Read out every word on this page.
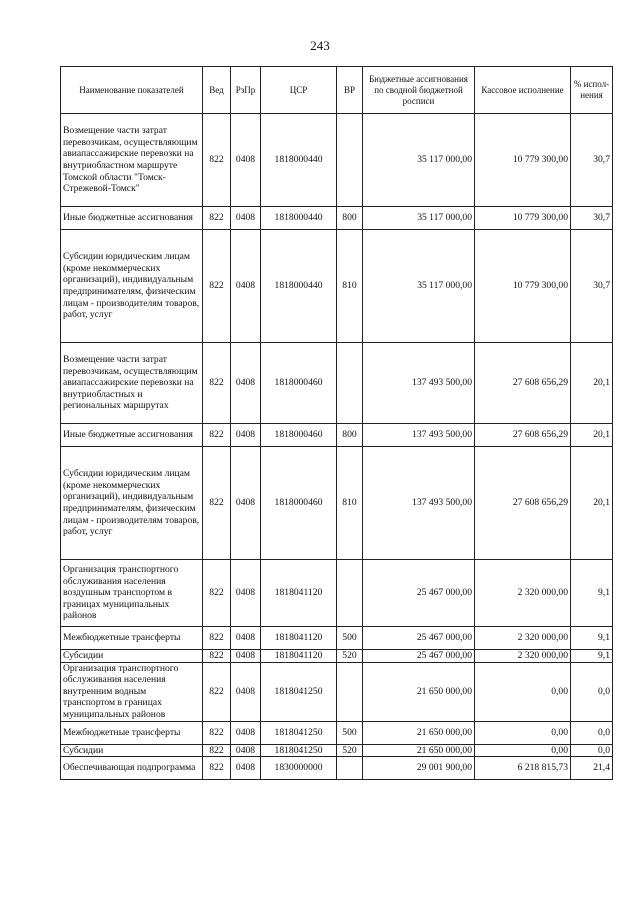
243
Наименование показателей	Вед	РзПр	ЦСР	ВР	Бюджетные ассигнования по сводной бюджетной росписи	Кассовое исполнение	% испол- нения
Возмещение части затрат перевозчикам, осуществляющим авиапассажирские перевозки на внутриобластном маршруте Томской области "Томск-Стрежевой-Томск"	822	0408	1818000440		35 117 000,00	10 779 300,00	30,7
Иные бюджетные ассигнования	822	0408	1818000440	800	35 117 000,00	10 779 300,00	30,7
Субсидии юридическим лицам (кроме некоммерческих организаций), индивидуальным предпринимателям, физическим лицам - производителям товаров, работ, услуг	822	0408	1818000440	810	35 117 000,00	10 779 300,00	30,7
Возмещение части затрат перевозчикам, осуществляющим авиапассажирские перевозки на внутриобластных и региональных маршрутах	822	0408	1818000460		137 493 500,00	27 608 656,29	20,1
Иные бюджетные ассигнования	822	0408	1818000460	800	137 493 500,00	27 608 656,29	20,1
Субсидии юридическим лицам (кроме некоммерческих организаций), индивидуальным предпринимателям, физическим лицам - производителям товаров, работ, услуг	822	0408	1818000460	810	137 493 500,00	27 608 656,29	20,1
Организация транспортного обслуживания населения воздушным транспортом в границах муниципальных районов	822	0408	1818041120		25 467 000,00	2 320 000,00	9,1
Межбюджетные трансферты	822	0408	1818041120	500	25 467 000,00	2 320 000,00	9,1
Субсидии	822	0408	1818041120	520	25 467 000,00	2 320 000,00	9,1
Организация транспортного обслуживания населения внутренним водным транспортом в границах муниципальных районов	822	0408	1818041250		21 650 000,00	0,00	0,0
Межбюджетные трансферты	822	0408	1818041250	500	21 650 000,00	0,00	0,0
Субсидии	822	0408	1818041250	520	21 650 000,00	0,00	0,0
Обеспечивающая подпрограмма	822	0408	1830000000		29 001 900,00	6 218 815,73	21,4
